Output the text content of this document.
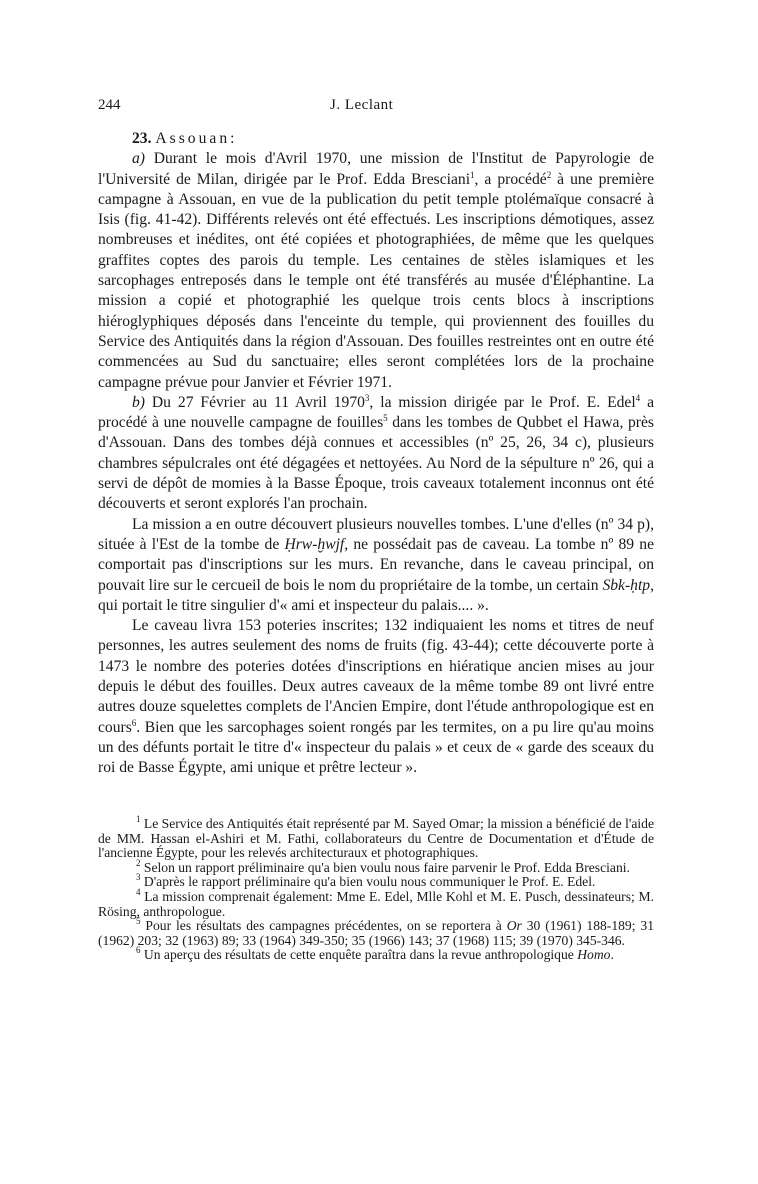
244	J. Leclant

23. Assouan:

a) Durant le mois d'Avril 1970, une mission de l'Institut de Papyrologie de l'Université de Milan, dirigée par le Prof. Edda Bresciani$^1$, a procédé$^2$ à une première campagne à Assouan, en vue de la publication du petit temple ptolémaïque consacré à Isis (fig. 41-42). Différents relevés ont été effectués. Les inscriptions démotiques, assez nombreuses et inédites, ont été copiées et photographiées, de même que les quelques graffites coptes des parois du temple. Les centaines de stèles islamiques et les sarcophages entreposés dans le temple ont été transférés au musée d'Éléphantine. La mission a copié et photographié les quelque trois cents blocs à inscriptions hiéroglyphiques déposés dans l'enceinte du temple, qui proviennent des fouilles du Service des Antiquités dans la région d'Assouan. Des fouilles restreintes ont en outre été commencées au Sud du sanctuaire; elles seront complétées lors de la prochaine campagne prévue pour Janvier et Février 1971.

b) Du 27 Février au 11 Avril 1970$^3$, la mission dirigée par le Prof. E. Edel$^4$ a procédé à une nouvelle campagne de fouilles$^5$ dans les tombes de Qubbet el Hawa, près d'Assouan. Dans des tombes déjà connues et accessibles (nº 25, 26, 34 c), plusieurs chambres sépulcrales ont été dégagées et nettoyées. Au Nord de la sépulture nº 26, qui a servi de dépôt de momies à la Basse Époque, trois caveaux totalement inconnus ont été découverts et seront explorés l'an prochain.

La mission a en outre découvert plusieurs nouvelles tombes. L'une d'elles (nº 34 p), située à l'Est de la tombe de Ḥrw-ḫwjf, ne possédait pas de caveau. La tombe nº 89 ne comportait pas d'inscriptions sur les murs. En revanche, dans le caveau principal, on pouvait lire sur le cercueil de bois le nom du propriétaire de la tombe, un certain Sbk-ḥtp, qui portait le titre singulier d'« ami et inspecteur du palais.... ».

Le caveau livra 153 poteries inscrites; 132 indiquaient les noms et titres de neuf personnes, les autres seulement des noms de fruits (fig. 43-44); cette découverte porte à 1473 le nombre des poteries dotées d'inscriptions en hiératique ancien mises au jour depuis le début des fouilles. Deux autres caveaux de la même tombe 89 ont livré entre autres douze squelettes complets de l'Ancien Empire, dont l'étude anthropologique est en cours$^6$. Bien que les sarcophages soient rongés par les termites, on a pu lire qu'au moins un des défunts portait le titre d'« inspecteur du palais » et ceux de « garde des sceaux du roi de Basse Égypte, ami unique et prêtre lecteur ».

$^1$ Le Service des Antiquités était représenté par M. Sayed Omar; la mission a bénéficié de l'aide de MM. Hassan el-Ashiri et M. Fathi, collaborateurs du Centre de Documentation et d'Étude de l'ancienne Égypte, pour les relevés architecturaux et photographiques.

$^2$ Selon un rapport préliminaire qu'a bien voulu nous faire parvenir le Prof. Edda Bresciani.

$^3$ D'après le rapport préliminaire qu'a bien voulu nous communiquer le Prof. E. Edel.

$^4$ La mission comprenait également: Mme E. Edel, Mlle Kohl et M. E. Pusch, dessinateurs; M. Rösing, anthropologue.

$^5$ Pour les résultats des campagnes précédentes, on se reportera à Or 30 (1961) 188-189; 31 (1962) 203; 32 (1963) 89; 33 (1964) 349-350; 35 (1966) 143; 37 (1968) 115; 39 (1970) 345-346.

$^6$ Un aperçu des résultats de cette enquête paraîtra dans la revue anthropologique Homo.
